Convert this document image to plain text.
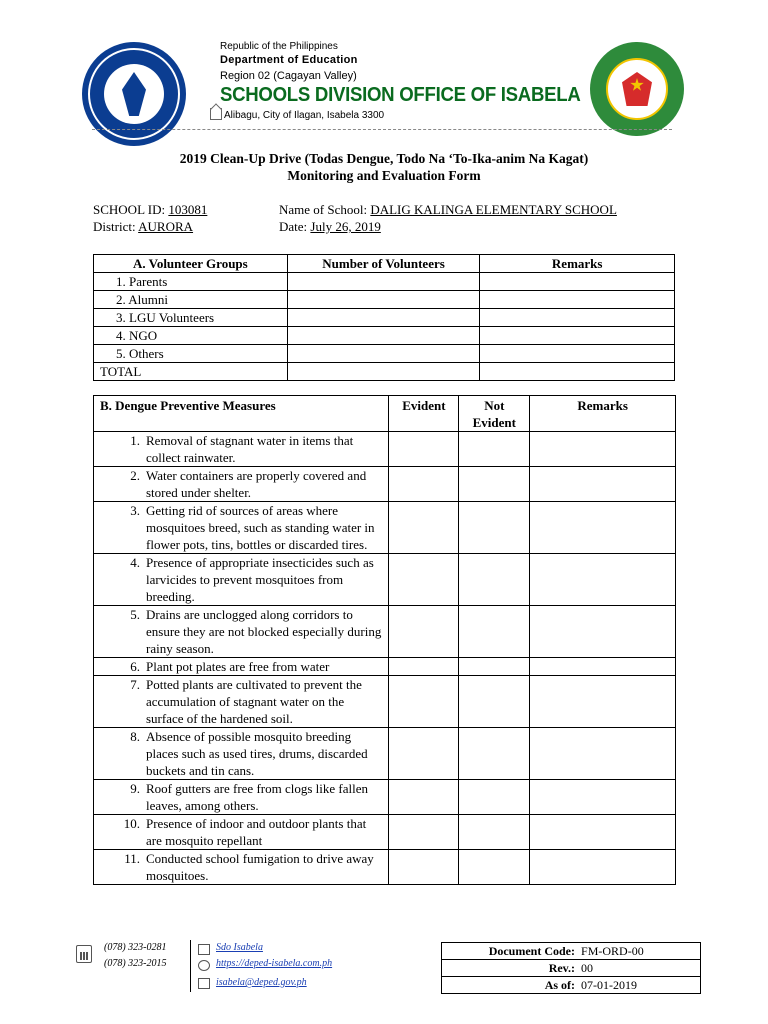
Republic of the Philippines
Department of Education
Region 02 (Cagayan Valley)
SCHOOLS DIVISION OFFICE OF ISABELA
Alibagu, City of Ilagan, Isabela 3300
2019 Clean-Up Drive (Todas Dengue, Todo Na ‘To-Ika-anim Na Kagat)
Monitoring and Evaluation Form
SCHOOL ID: 103081
District: AURORA
Name of School: DALIG KALINGA ELEMENTARY SCHOOL
Date: July 26, 2019
A. Volunteer Groups	Number of Volunteers	Remarks
1. Parents		
2. Alumni		
3. LGU Volunteers		
4. NGO		
5. Others		
TOTAL		
B. Dengue Preventive Measures	Evident	Not Evident	Remarks

1. Removal of stagnant water in items that collect rainwater.			

2. Water containers are properly covered and stored under shelter.			

3. Getting rid of sources of areas where mosquitoes breed, such as standing water in flower pots, tins, bottles or discarded tires.			

4. Presence of appropriate insecticides such as larvicides to prevent mosquitoes from breeding.			

5. Drains are unclogged along corridors to ensure they are not blocked especially during rainy season.			

6. Plant pot plates are free from water			

7. Potted plants are cultivated to prevent the accumulation of stagnant water on the surface of the hardened soil.			

8. Absence of possible mosquito breeding places such as used tires, drums, discarded buckets and tin cans.			

9. Roof gutters are free from clogs like fallen leaves, among others.			

10. Presence of indoor and outdoor plants that are mosquito repellant			

11. Conducted school fumigation to drive away mosquitoes.			

(078) 323-0281
(078) 323-2015
Sdo Isabela
https://deped-isabela.com.ph
isabela@deped.gov.ph
Document Code:	FM-ORD-00
Rev.:	00
As of:	07-01-2019
